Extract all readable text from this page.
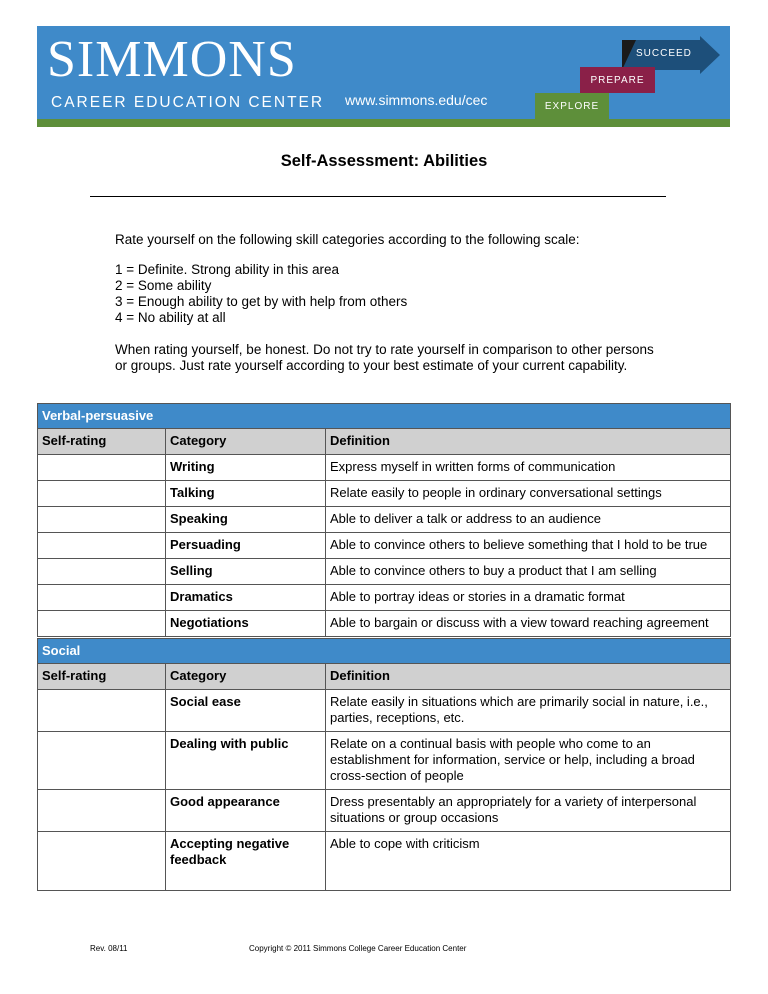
SIMMONS
CAREER EDUCATION CENTER www.simmons.edu/cec
SUCCEED
PREPARE
EXPLORE
Self-Assessment: Abilities
Rate yourself on the following skill categories according to the following scale:
1 = Definite. Strong ability in this area
2 = Some ability
3 = Enough ability to get by with help from others
4 = No ability at all
When rating yourself, be honest. Do not try to rate yourself in comparison to other persons
or groups. Just rate yourself according to your best estimate of your current capability.
Verbal-persuasive		
Self-rating	Category	Definition
	Writing	Express myself in written forms of communication
	Talking	Relate easily to people in ordinary conversational settings
	Speaking	Able to deliver a talk or address to an audience
	Persuading	Able to convince others to believe something that I hold to be true
	Selling	Able to convince others to buy a product that I am selling
	Dramatics	Able to portray ideas or stories in a dramatic format
	Negotiations	Able to bargain or discuss with a view toward reaching agreement
Social		
Self-rating	Category	Definition
	Social ease	Relate easily in situations which are primarily social in nature, i.e., parties, receptions, etc.
	Dealing with public	Relate on a continual basis with people who come to an establishment for information, service or help, including a broad cross-section of people
	Good appearance	Dress presentably an appropriately for a variety of interpersonal situations or group occasions
	Accepting negative feedback	Able to cope with criticism
Rev. 08/11	Copyright © 2011 Simmons College Career Education Center
